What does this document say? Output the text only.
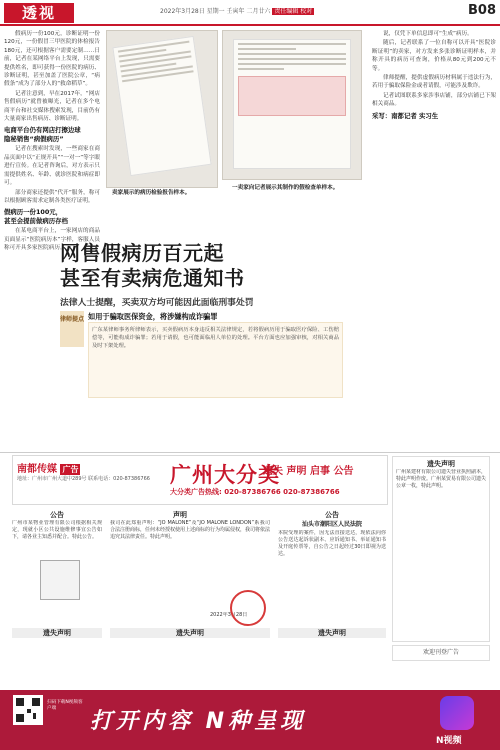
透视	2022年3月28日 星期一 壬寅年 二月廿六 责任编辑 校对	B08

假病历一份100元，诊断证明一份120元，一份假冒三甲医院的体检报告180元，还可根据客户需要定制……日前，记者在某网络平台上发现，只需要提供姓名，即可获得一份医院的病历、诊断证明，甚至加盖了医院公章，“病假条”成为了部分人的“救命稻草”。

记者注意到，早在2017年，“网店售假病历”就曾被曝光，记者在多个电商平台和社交媒体搜索发现，目前仍有大量商家出售病历、诊断证明。

电商平台仍有网店打擦边球
隐秘销售“病假病历”

记者在搜索时发现，一些商家在商品页面中以“正规开具”“一对一”等字眼进行宣传。在记者咨询后，对方表示只需提供姓名、年龄、就诊医院和病症即可。

部分商家还提供“代开”服务，称可以根据顾客需求定制各类医疗证明。

假病历一份100元，
甚至会提前做病历存档

在某电商平台上，一家网店的商品页面显示“医院病历本”字样，客服人员称可开具多家医院病历。

卖家展示的病历检验报告样本。
一卖家向记者展示其制作的假检查单样本。

说，仅凭下单信息即可“生成”病历。

随后，记者联系了一位自称可以开具“医院诊断证明”的卖家，对方发来多张诊断证明样本，并称开具的病历可查询，价格从80元到200元不等。

律师提醒，提供虚假病历材料属于违法行为，若用于骗取保险金或者请假，可能涉及欺诈。

记者试图联系多家涉事店铺，部分店铺已下架相关商品。

采写：南都记者 实习生

网售假病历百元起
甚至有卖病危通知书
法律人士提醒，买卖双方均可能因此面临刑事处罚
律师提点 如用于骗取医保资金，将涉嫌构成诈骗罪
广东某律师事务所律师表示，买卖假病历本身违反相关法律规定，若将假病历用于骗取医疗保险、工伤赔偿等，可能构成诈骗罪；若用于请假，也可能面临用人单位的处理。平台方面也应加强审核，对相关商品及时下架处理。
南都传媒 广告
地址：广州市广州大道中289号 联系电话：020-87386766 广州大分类
遗失 声明 启事 公告
大分类广告热线: 020-87386766 020-87386766
公告
广州市某物业管理有限公司根据相关规定，现就小区公共设施维修事宜公告如下，请各业主知悉并配合。特此公告。
声明
我司在此郑重声明：“JO MALONE”及“JO MALONE LONDON”系我司合法注册商标，任何未经授权使用上述商标的行为均属侵权，我司将依法追究其法律责任。特此声明。
2022年3月28日
公告
汕头市潮阳区人民法院
本院受理的案件，因无法直接送达，现依法向你公告送达起诉状副本、应诉通知书、举证通知书及开庭传票等，自公告之日起经过30日即视为送达。
遗失声明	遗失声明	遗失声明
遗失声明
广州某建材有限公司遗失营业执照副本，特此声明作废。广州某贸易有限公司遗失公章一枚，特此声明。
欢迎刊登广告
扫码下载N视频客户端
打开内容 N种呈现
N视频
